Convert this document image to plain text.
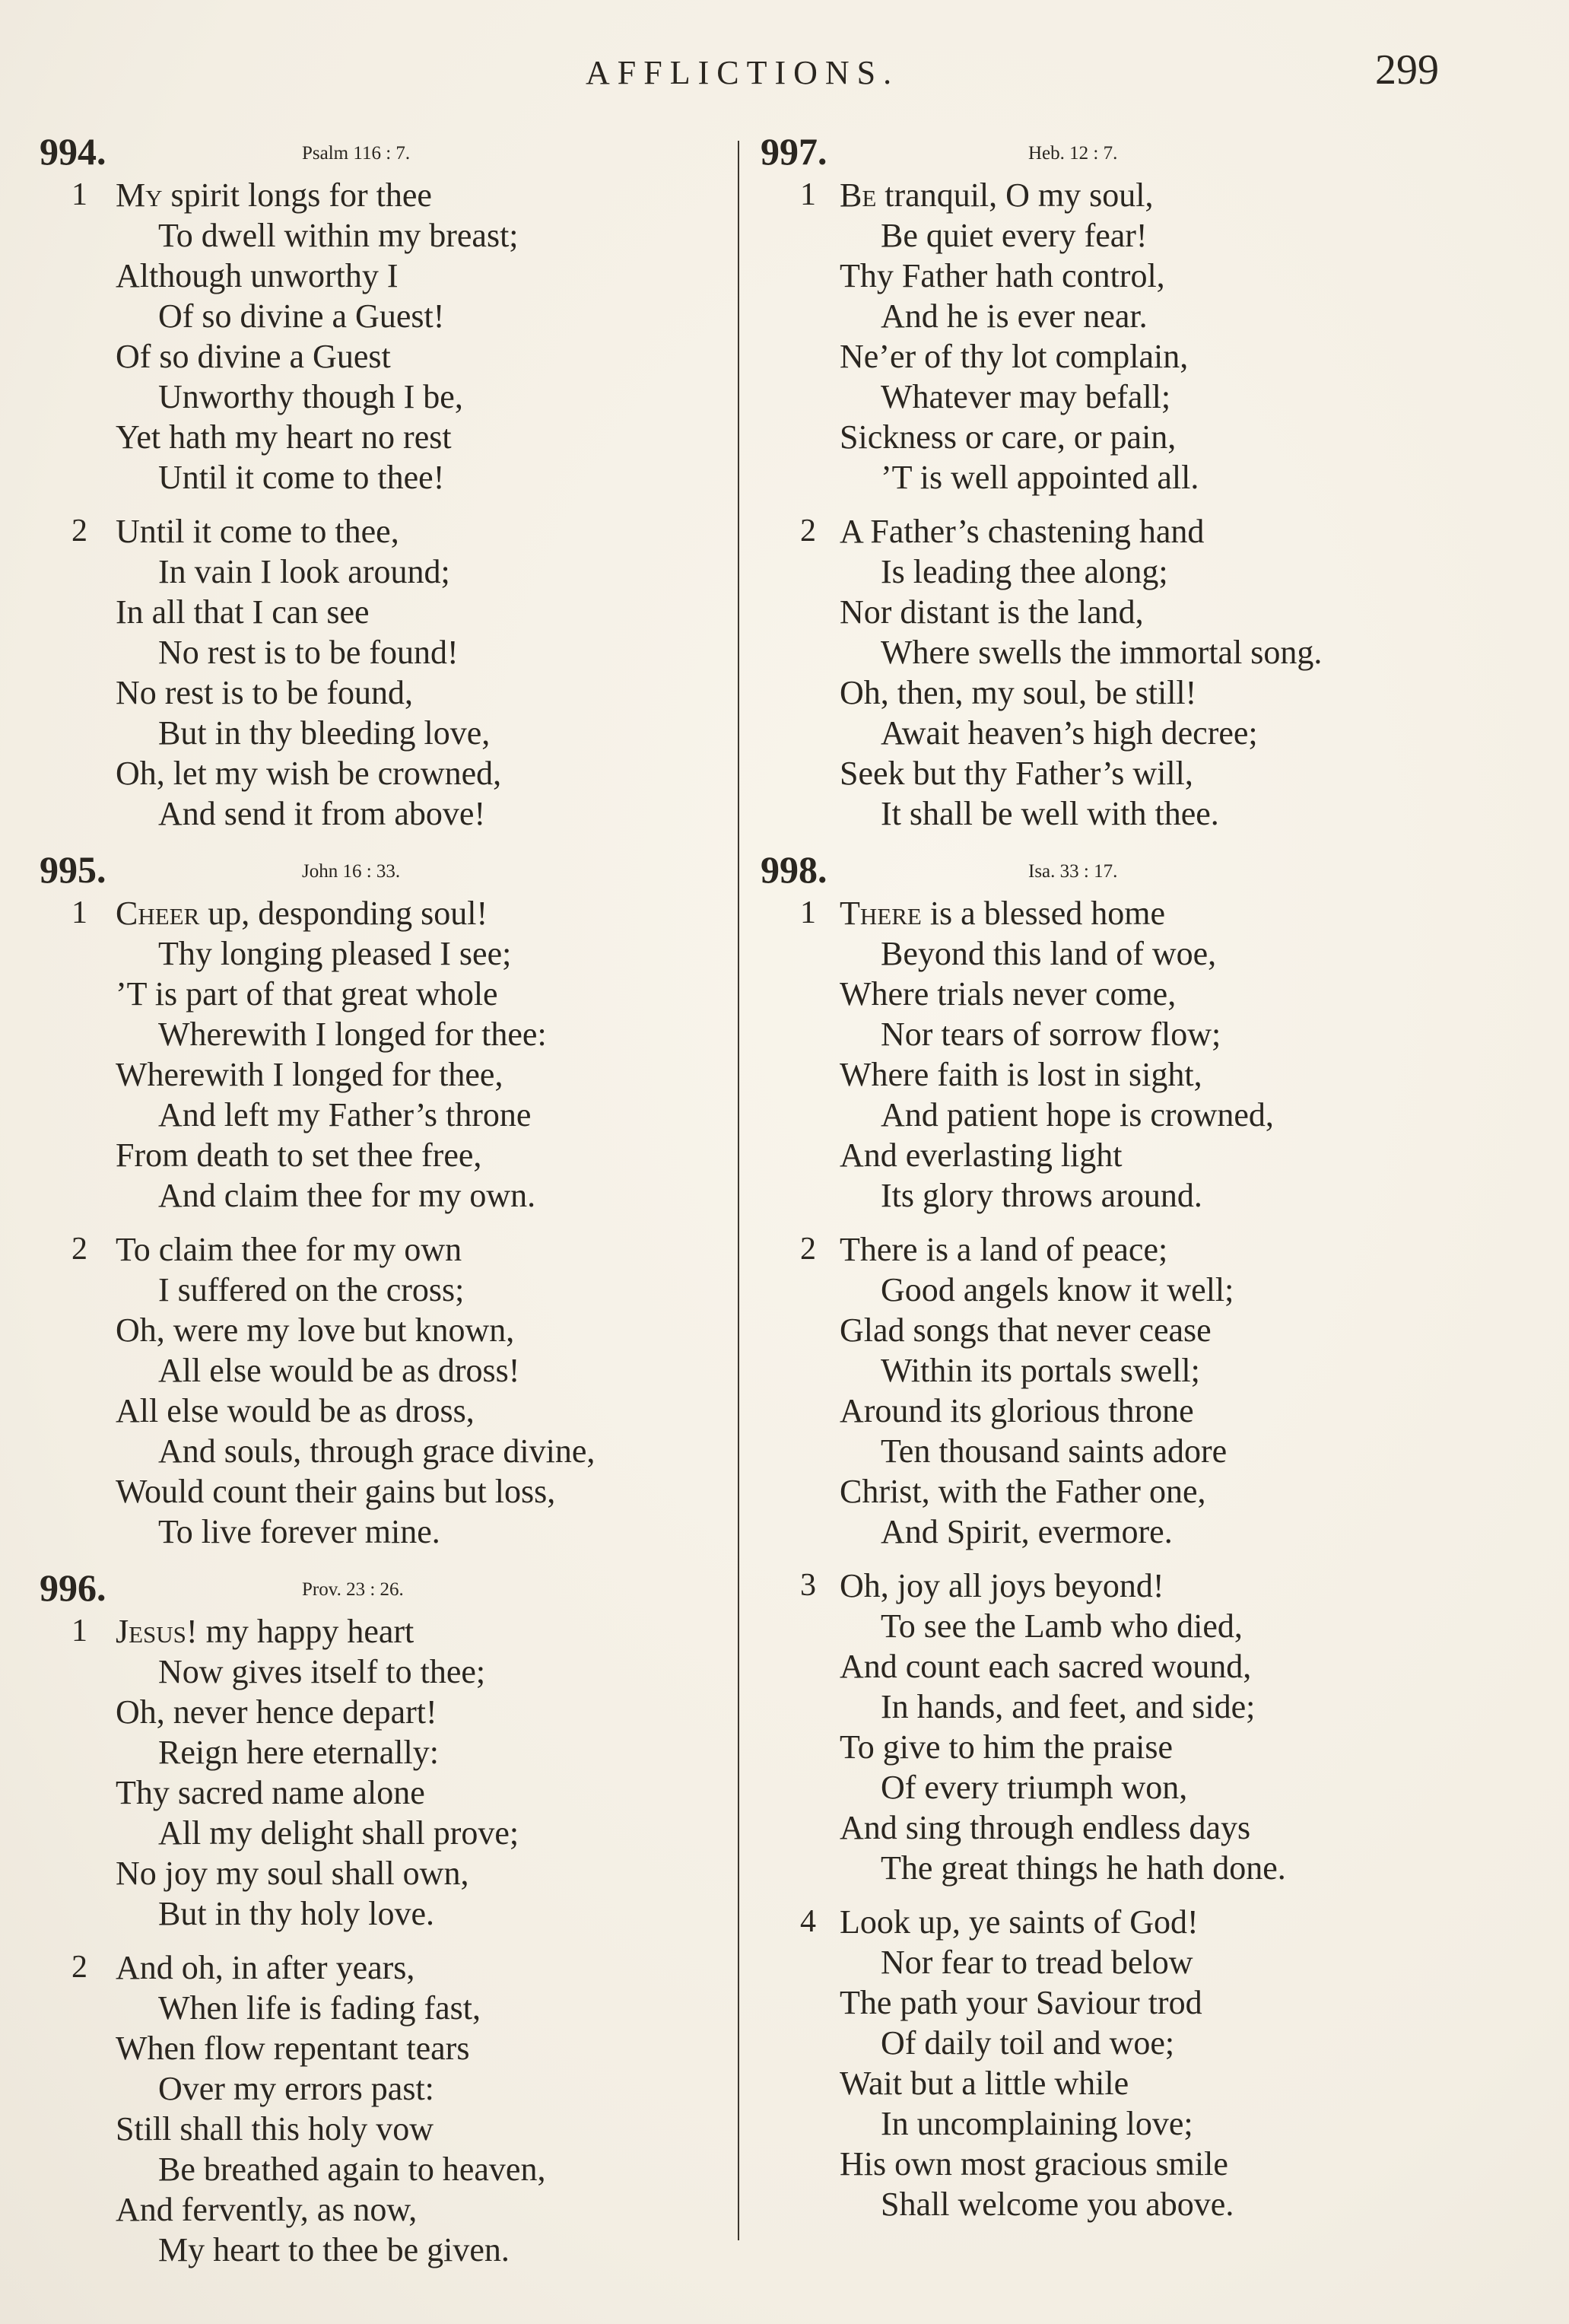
AFFLICTIONS.	299
994.	Psalm 116 : 7.
1 My spirit longs for thee
To dwell within my breast;
Although unworthy I
Of so divine a Guest!
Of so divine a Guest
Unworthy though I be,
Yet hath my heart no rest
Until it come to thee!
2 Until it come to thee,
In vain I look around;
In all that I can see
No rest is to be found!
No rest is to be found,
But in thy bleeding love,
Oh, let my wish be crowned,
And send it from above!
995.	John 16 : 33.
1 Cheer up, desponding soul!
Thy longing pleased I see;
’T is part of that great whole
Wherewith I longed for thee:
Wherewith I longed for thee,
And left my Father’s throne
From death to set thee free,
And claim thee for my own.
2 To claim thee for my own
I suffered on the cross;
Oh, were my love but known,
All else would be as dross!
All else would be as dross,
And souls, through grace divine,
Would count their gains but loss,
To live forever mine.
996.	Prov. 23 : 26.
1 Jesus! my happy heart
Now gives itself to thee;
Oh, never hence depart!
Reign here eternally:
Thy sacred name alone
All my delight shall prove;
No joy my soul shall own,
But in thy holy love.
2 And oh, in after years,
When life is fading fast,
When flow repentant tears
Over my errors past:
Still shall this holy vow
Be breathed again to heaven,
And fervently, as now,
My heart to thee be given.
997.	Heb. 12 : 7.
1 Be tranquil, O my soul,
Be quiet every fear!
Thy Father hath control,
And he is ever near.
Ne’er of thy lot complain,
Whatever may befall;
Sickness or care, or pain,
’T is well appointed all.
2 A Father’s chastening hand
Is leading thee along;
Nor distant is the land,
Where swells the immortal song.
Oh, then, my soul, be still!
Await heaven’s high decree;
Seek but thy Father’s will,
It shall be well with thee.
998.	Isa. 33 : 17.
1 There is a blessed home
Beyond this land of woe,
Where trials never come,
Nor tears of sorrow flow;
Where faith is lost in sight,
And patient hope is crowned,
And everlasting light
Its glory throws around.
2 There is a land of peace;
Good angels know it well;
Glad songs that never cease
Within its portals swell;
Around its glorious throne
Ten thousand saints adore
Christ, with the Father one,
And Spirit, evermore.
3 Oh, joy all joys beyond!
To see the Lamb who died,
And count each sacred wound,
In hands, and feet, and side;
To give to him the praise
Of every triumph won,
And sing through endless days
The great things he hath done.
4 Look up, ye saints of God!
Nor fear to tread below
The path your Saviour trod
Of daily toil and woe;
Wait but a little while
In uncomplaining love;
His own most gracious smile
Shall welcome you above.
